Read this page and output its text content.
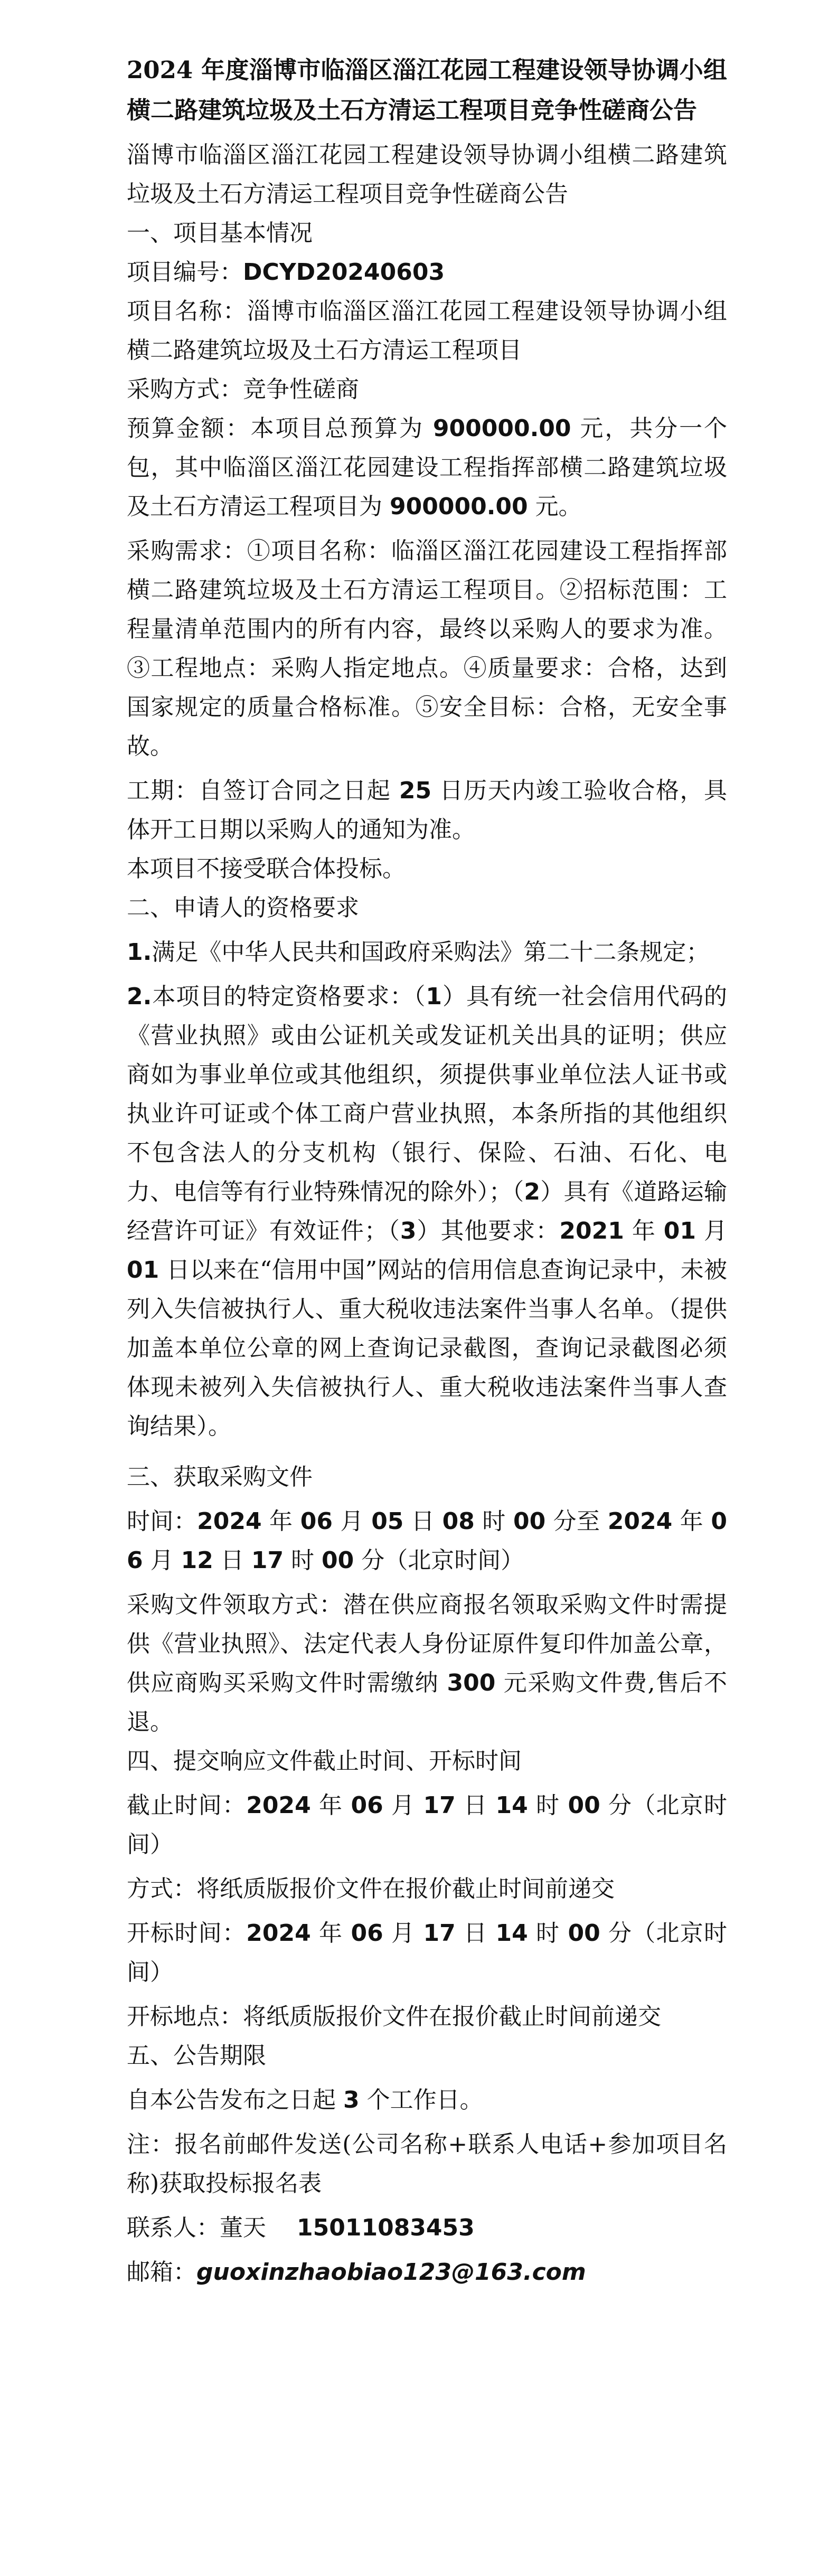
2024 年度淄博市临淄区淄江花园工程建设领导协调小组横二路建筑垃圾及土石方清运工程项目竞争性磋商公告

淄博市临淄区淄江花园工程建设领导协调小组横二路建筑垃圾及土石方清运工程项目竞争性磋商公告

一、项目基本情况

项目编号：DCYD20240603

项目名称：淄博市临淄区淄江花园工程建设领导协调小组横二路建筑垃圾及土石方清运工程项目

采购方式：竞争性磋商

预算金额：本项目总预算为 900000.00 元，共分一个包，其中临淄区淄江花园建设工程指挥部横二路建筑垃圾及土石方清运工程项目为 900000.00 元。

采购需求：①项目名称：临淄区淄江花园建设工程指挥部横二路建筑垃圾及土石方清运工程项目。②招标范围：工程量清单范围内的所有内容，最终以采购人的要求为准。③工程地点：采购人指定地点。④质量要求：合格，达到国家规定的质量合格标准。⑤安全目标：合格，无安全事故。

工期：自签订合同之日起 25 日历天内竣工验收合格，具体开工日期以采购人的通知为准。

本项目不接受联合体投标。

二、申请人的资格要求

1.满足《中华人民共和国政府采购法》第二十二条规定；

2.本项目的特定资格要求：（1）具有统一社会信用代码的《营业执照》或由公证机关或发证机关出具的证明；供应商如为事业单位或其他组织，须提供事业单位法人证书或执业许可证或个体工商户营业执照，本条所指的其他组织不包含法人的分支机构（银行、保险、石油、石化、电力、电信等有行业特殊情况的除外）；（2）具有《道路运输经营许可证》有效证件；（3）其他要求：2021 年 01 月 01 日以来在“信用中国”网站的信用信息查询记录中，未被列入失信被执行人、重大税收违法案件当事人名单。（提供加盖本单位公章的网上查询记录截图，查询记录截图必须体现未被列入失信被执行人、重大税收违法案件当事人查询结果）。

三、获取采购文件

时间：2024 年 06 月 05 日 08 时 00 分至 2024 年 06 月 12 日 17 时 00 分（北京时间）

采购文件领取方式：潜在供应商报名领取采购文件时需提供《营业执照》、法定代表人身份证原件复印件加盖公章，供应商购买采购文件时需缴纳 300 元采购文件费,售后不退。

四、提交响应文件截止时间、开标时间

截止时间：2024 年 06 月 17 日 14 时 00 分（北京时间）

方式：将纸质版报价文件在报价截止时间前递交

开标时间：2024 年 06 月 17 日 14 时 00 分（北京时间）

开标地点：将纸质版报价文件在报价截止时间前递交

五、公告期限

自本公告发布之日起 3 个工作日。

注：报名前邮件发送(公司名称+联系人电话+参加项目名称)获取投标报名表

联系人：董天　 15011083453

邮箱：guoxinzhaobiao123@163.com
